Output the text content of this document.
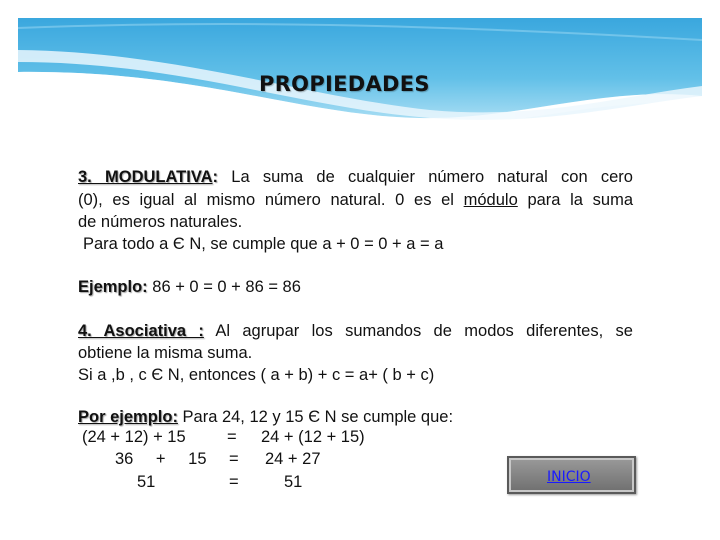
PROPIEDADES
3. MODULATIVA: La suma de cualquier número natural con cero
(0), es igual al mismo número natural. 0 es el módulo para la suma
de números naturales.
Para todo a Є N, se cumple que a + 0 = 0 + a = a
Ejemplo: 86 + 0 = 0 + 86 = 86
4. Asociativa : Al agrupar los sumandos de modos diferentes, se
obtiene la misma suma.
Si a ,b , c Є N, entonces ( a + b) + c = a+ ( b + c)
Por ejemplo: Para 24, 12 y 15 Є N se cumple que:
(24 + 12) + 15	= 24 + (12 + 15)
36 + 15 = 24 + 27
51	=	51	INICIO
